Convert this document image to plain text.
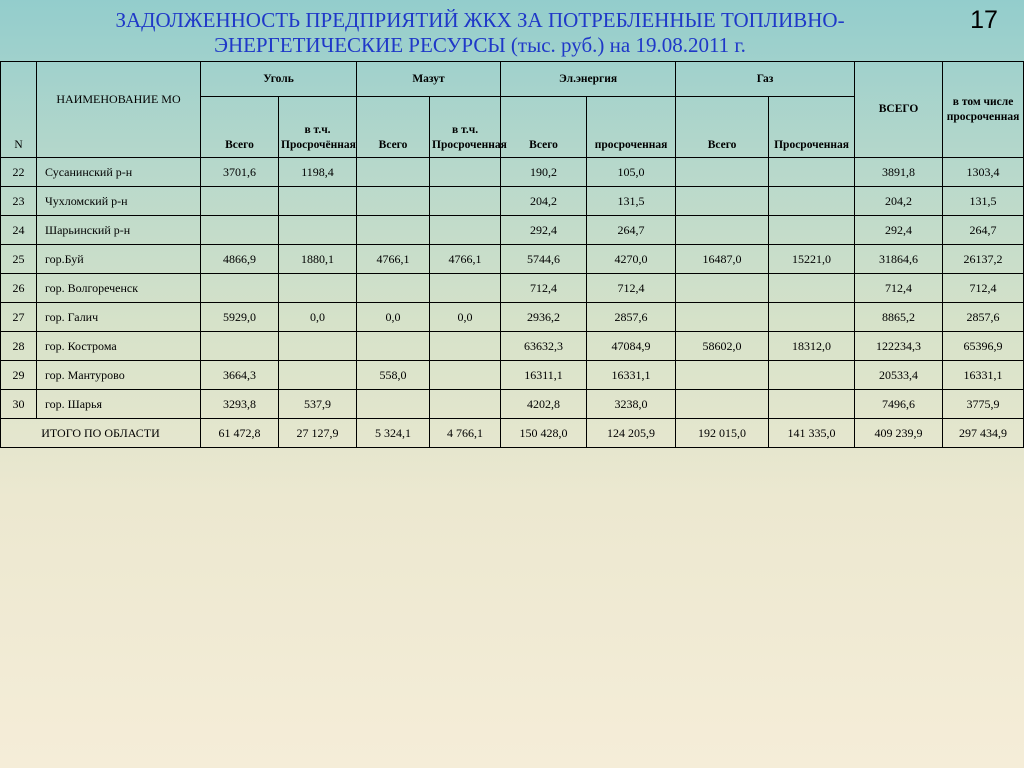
ЗАДОЛЖЕННОСТЬ ПРЕДПРИЯТИЙ ЖКХ ЗА ПОТРЕБЛЕННЫЕ ТОПЛИВНО-
ЭНЕРГЕТИЧЕСКИЕ РЕСУРСЫ (тыс. руб.) на 19.08.2011 г.
17
N	НАИМЕНОВАНИЕ МО	Уголь		Мазут		Эл.энергия		Газ		ВСЕГО	в том числе просроченная
		Всего	в т.ч. Просрочённая	Всего	в т.ч. Просроченная	Всего	просроченная	Всего	Просроченная		
22	Сусанинский р-н	3701,6	1198,4			190,2	105,0			3891,8	1303,4
23	Чухломский р-н					204,2	131,5			204,2	131,5
24	Шарьинский р-н					292,4	264,7			292,4	264,7
25	гор.Буй	4866,9	1880,1	4766,1	4766,1	5744,6	4270,0	16487,0	15221,0	31864,6	26137,2
26	гор. Волгореченск					712,4	712,4			712,4	712,4
27	гор. Галич	5929,0	0,0	0,0	0,0	2936,2	2857,6			8865,2	2857,6
28	гор. Кострома					63632,3	47084,9	58602,0	18312,0	122234,3	65396,9
29	гор. Мантурово	3664,3		558,0		16311,1	16331,1			20533,4	16331,1
30	гор. Шарья	3293,8	537,9			4202,8	3238,0			7496,6	3775,9
ИТОГО ПО ОБЛАСТИ		61 472,8	27 127,9	5 324,1	4 766,1	150 428,0	124 205,9	192 015,0	141 335,0	409 239,9	297 434,9
